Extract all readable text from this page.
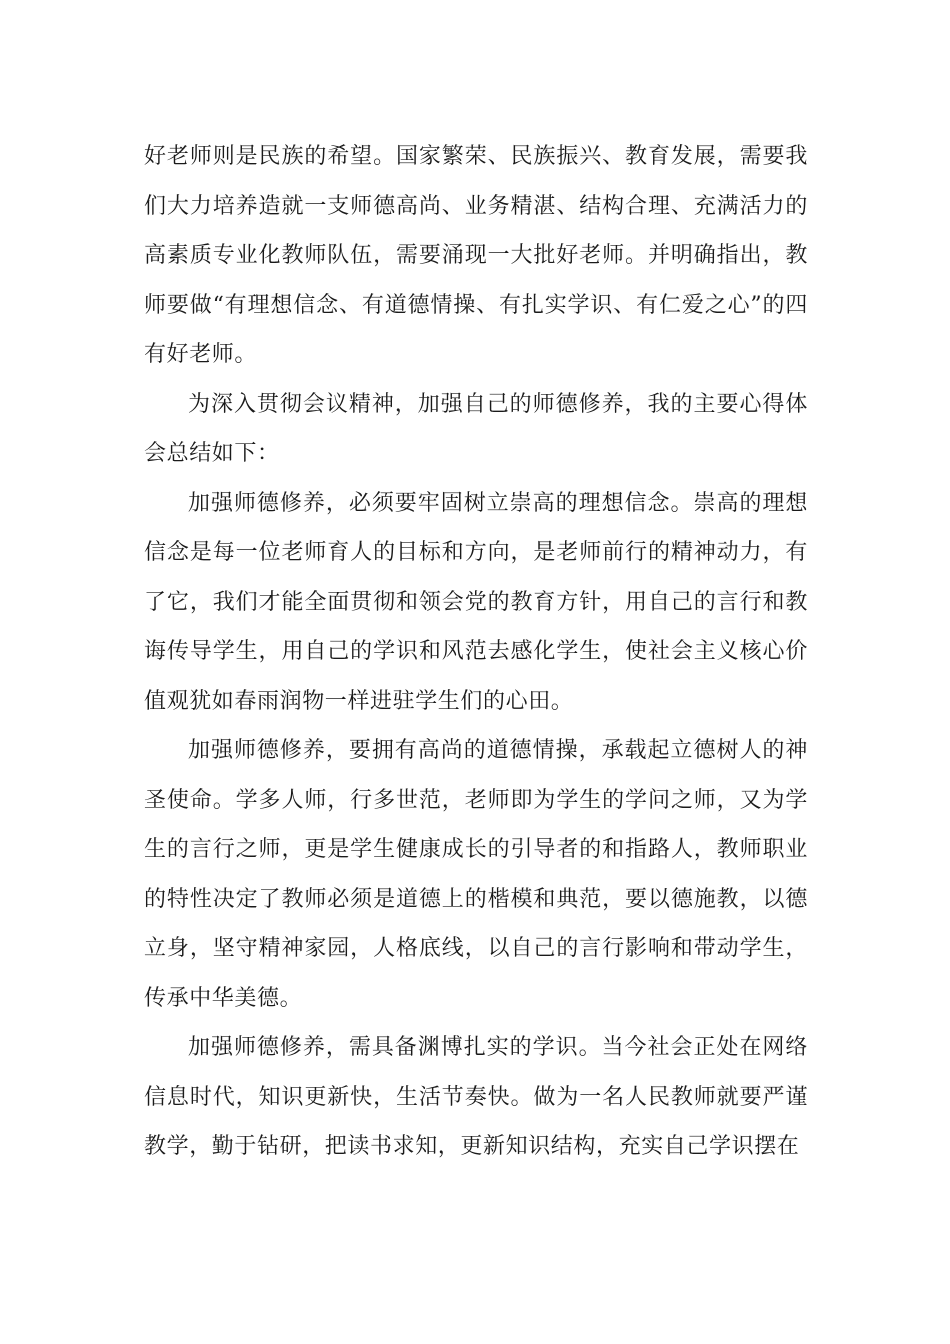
好老师则是民族的希望。国家繁荣、民族振兴、教育发展，需要我们大力培养造就一支师德高尚、业务精湛、结构合理、充满活力的高素质专业化教师队伍，需要涌现一大批好老师。并明确指出，教师要做“有理想信念、有道德情操、有扎实学识、有仁爱之心”的四有好老师。

为深入贯彻会议精神，加强自己的师德修养，我的主要心得体会总结如下：

加强师德修养，必须要牢固树立崇高的理想信念。崇高的理想信念是每一位老师育人的目标和方向，是老师前行的精神动力，有了它，我们才能全面贯彻和领会党的教育方针，用自己的言行和教诲传导学生，用自己的学识和风范去感化学生，使社会主义核心价值观犹如春雨润物一样进驻学生们的心田。

加强师德修养，要拥有高尚的道德情操，承载起立德树人的神圣使命。学多人师，行多世范，老师即为学生的学问之师，又为学生的言行之师，更是学生健康成长的引导者的和指路人，教师职业的特性决定了教师必须是道德上的楷模和典范，要以德施教，以德立身，坚守精神家园，人格底线，以自己的言行影响和带动学生，传承中华美德。

加强师德修养，需具备渊博扎实的学识。当今社会正处在网络信息时代，知识更新快，生活节奏快。做为一名人民教师就要严谨教学，勤于钻研，把读书求知，更新知识结构，充实自己学识摆在
